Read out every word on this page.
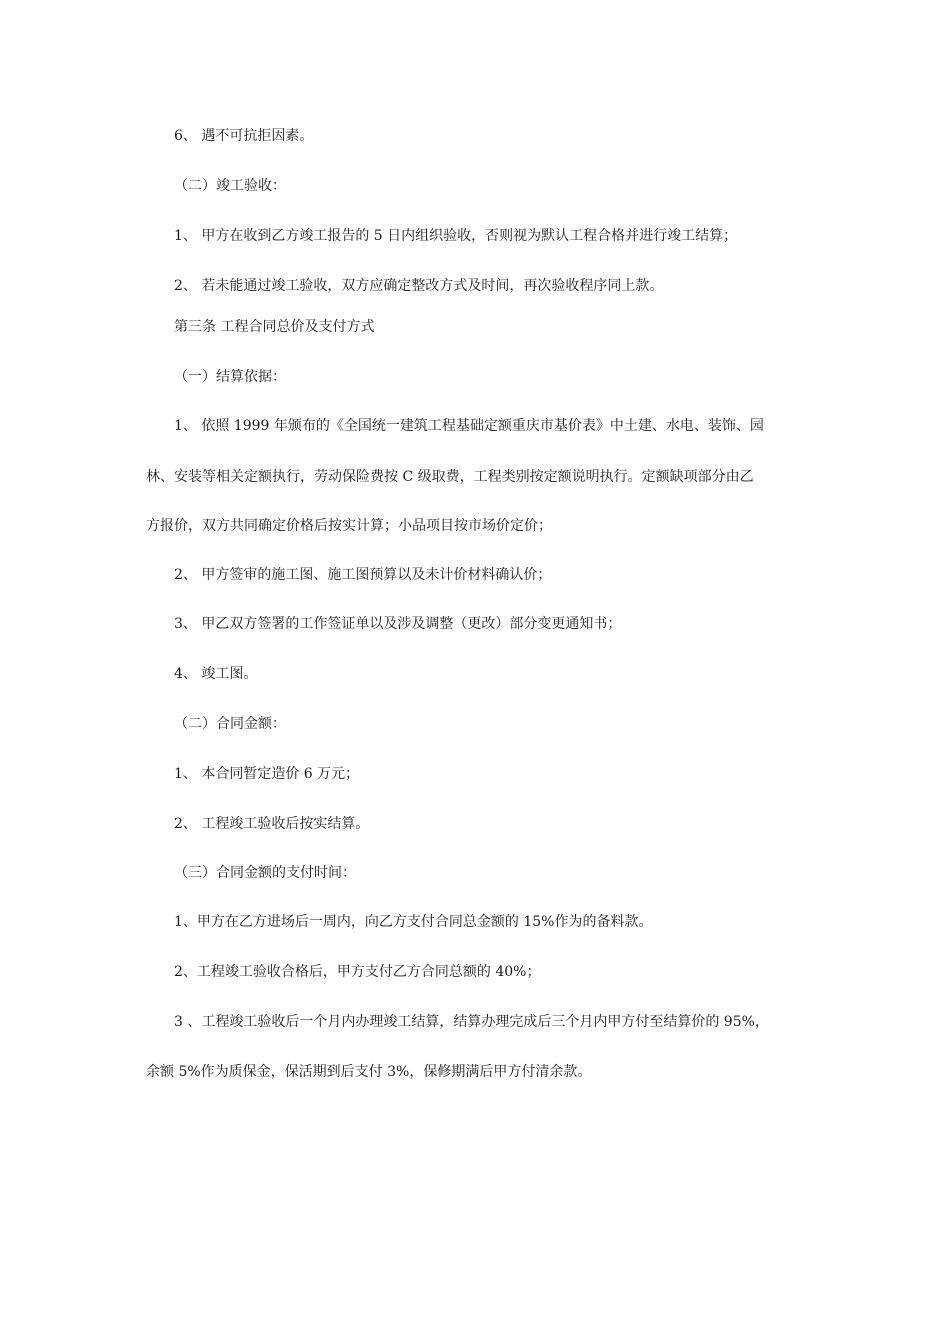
6、 遇不可抗拒因素。
（二）竣工验收：
1、 甲方在收到乙方竣工报告的 5 日内组织验收，否则视为默认工程合格并进行竣工结算；
2、 若未能通过竣工验收，双方应确定整改方式及时间，再次验收程序同上款。
第三条 工程合同总价及支付方式
（一）结算依据：
1、 依照 1999 年颁布的《全国统一建筑工程基础定额重庆市基价表》中土建、水电、装饰、园
林、安装等相关定额执行，劳动保险费按 C 级取费，工程类别按定额说明执行。定额缺项部分由乙
方报价，双方共同确定价格后按实计算；小品项目按市场价定价；
2、 甲方签审的施工图、施工图预算以及未计价材料确认价；
3、 甲乙双方签署的工作签证单以及涉及调整（更改）部分变更通知书；
4、 竣工图。
（二）合同金额：
1、 本合同暂定造价 6 万元；
2、 工程竣工验收后按实结算。
（三）合同金额的支付时间：
1、甲方在乙方进场后一周内，向乙方支付合同总金额的 15%作为的备料款。
2、工程竣工验收合格后，甲方支付乙方合同总额的 40%；
3 、工程竣工验收后一个月内办理竣工结算，结算办理完成后三个月内甲方付至结算价的 95%，
余额 5%作为质保金，保活期到后支付 3%，保修期满后甲方付清余款。
